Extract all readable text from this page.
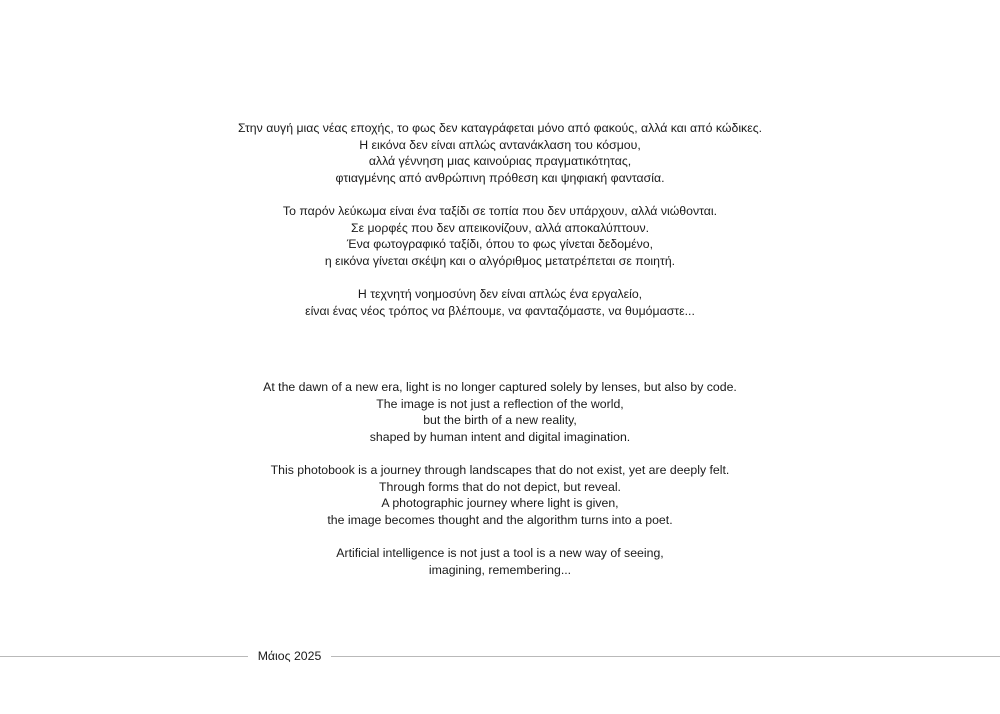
Στην αυγή μιας νέας εποχής, το φως δεν καταγράφεται μόνο από φακούς, αλλά και από κώδικες.

Η εικόνα δεν είναι απλώς αντανάκλαση του κόσμου,

αλλά γέννηση μιας καινούριας πραγματικότητας,

φτιαγμένης από ανθρώπινη πρόθεση και ψηφιακή φαντασία.

Το παρόν λεύκωμα είναι ένα ταξίδι σε τοπία που δεν υπάρχουν, αλλά νιώθονται.

Σε μορφές που δεν απεικονίζουν, αλλά αποκαλύπτουν.

Ένα φωτογραφικό ταξίδι, όπου το φως γίνεται δεδομένο,

η εικόνα γίνεται σκέψη και ο αλγόριθμος μετατρέπεται σε ποιητή.

Η τεχνητή νοημοσύνη δεν είναι απλώς ένα εργαλείο,

είναι ένας νέος τρόπος να βλέπουμε, να φανταζόμαστε, να θυμόμαστε...

At the dawn of a new era, light is no longer captured solely by lenses, but also by code.

The image is not just a reflection of the world,

but the birth of a new reality,

shaped by human intent and digital imagination.

This photobook is a journey through landscapes that do not exist, yet are deeply felt.

Through forms that do not depict, but reveal.

A photographic journey where light is given,

the image becomes thought and the algorithm turns into a poet.

Artificial intelligence is not just a tool is a new way of seeing,

imagining, remembering...

Μάιος 2025
